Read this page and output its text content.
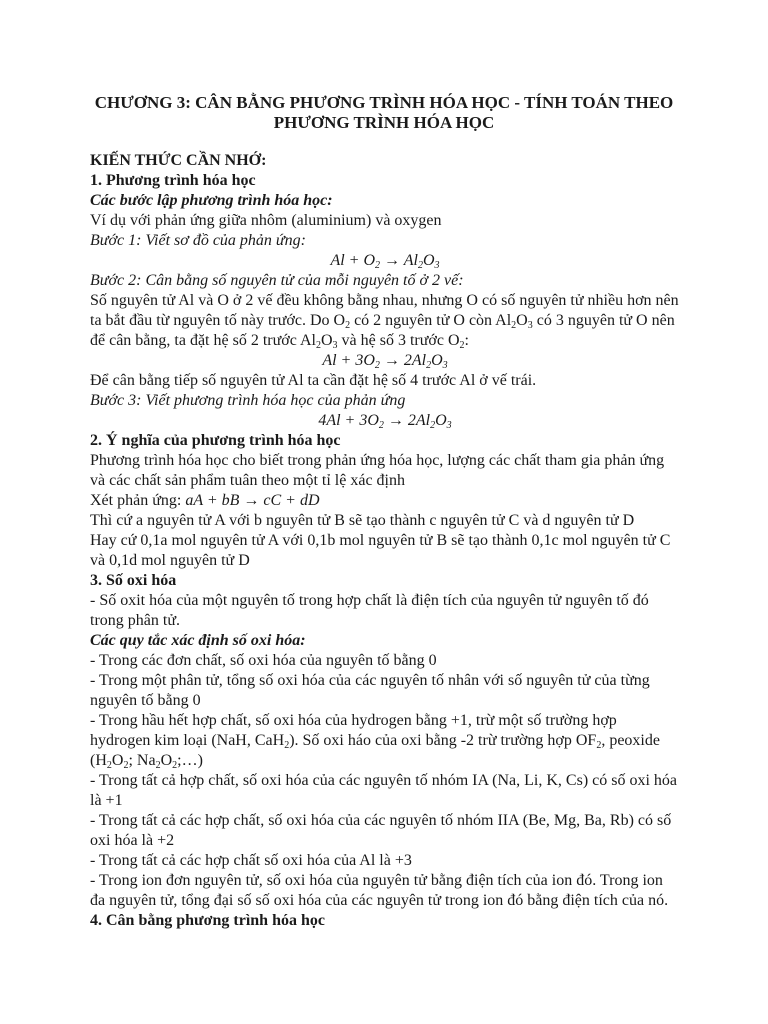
CHƯƠNG 3: CÂN BẰNG PHƯƠNG TRÌNH HÓA HỌC - TÍNH TOÁN THEO
PHƯƠNG TRÌNH HÓA HỌC

KIẾN THỨC CẦN NHỚ:

1. Phương trình hóa học

Các bước lập phương trình hóa học:

Ví dụ với phản ứng giữa nhôm (aluminium) và oxygen

Bước 1: Viết sơ đồ của phản ứng:

$Al + O_2 \to Al_2O_3$

Bước 2: Cân bằng số nguyên tử của mỗi nguyên tố ở 2 vế:

Số nguyên tử Al và O ở 2 vế đều không bằng nhau, nhưng O có số nguyên tử nhiều hơn nên ta bắt đầu từ nguyên tố này trước. Do $O_2$ có 2 nguyên tử O còn $Al_2O_3$ có 3 nguyên tử O nên để cân bằng, ta đặt hệ số 2 trước $Al_2O_3$ và hệ số 3 trước $O_2$:

$Al + 3O_2 \to 2Al_2O_3$

Để cân bằng tiếp số nguyên tử Al ta cần đặt hệ số 4 trước Al ở vế trái.

Bước 3: Viết phương trình hóa học của phản ứng

$4Al + 3O_2 \to 2Al_2O_3$

2. Ý nghĩa của phương trình hóa học

Phương trình hóa học cho biết trong phản ứng hóa học, lượng các chất tham gia phản ứng và các chất sản phẩm tuân theo một tỉ lệ xác định

Xét phản ứng: aA + bB → cC + dD

Thì cứ a nguyên tử A với b nguyên tử B sẽ tạo thành c nguyên tử C và d nguyên tử D

Hay cứ 0,1a mol nguyên tử A với 0,1b mol nguyên tử B sẽ tạo thành 0,1c mol nguyên tử C và 0,1d mol nguyên tử D

3. Số oxi hóa

- Số oxit hóa của một nguyên tố trong hợp chất là điện tích của nguyên tử nguyên tố đó trong phân tử.

Các quy tắc xác định số oxi hóa:

- Trong các đơn chất, số oxi hóa của nguyên tố bằng 0

- Trong một phân tử, tổng số oxi hóa của các nguyên tố nhân với số nguyên tử của từng nguyên tố bằng 0

- Trong hầu hết hợp chất, số oxi hóa của hydrogen bằng +1, trừ một số trường hợp hydrogen kim loại (NaH, CaH$_2$). Số oxi háo của oxi bằng -2 trừ trường hợp $OF_2$, peoxide ($H_2O_2$; $Na_2O_2;\dots$)

- Trong tất cả hợp chất, số oxi hóa của các nguyên tố nhóm IA (Na, Li, K, Cs) có số oxi hóa là +1

- Trong tất cả các hợp chất, số oxi hóa của các nguyên tố nhóm IIA (Be, Mg, Ba, Rb) có số oxi hóa là +2

- Trong tất cả các hợp chất số oxi hóa của Al là +3

- Trong ion đơn nguyên tử, số oxi hóa của nguyên tử bằng điện tích của ion đó. Trong ion đa nguyên tử, tổng đại số số oxi hóa của các nguyên tử trong ion đó bằng điện tích của nó.

4. Cân bằng phương trình hóa học
